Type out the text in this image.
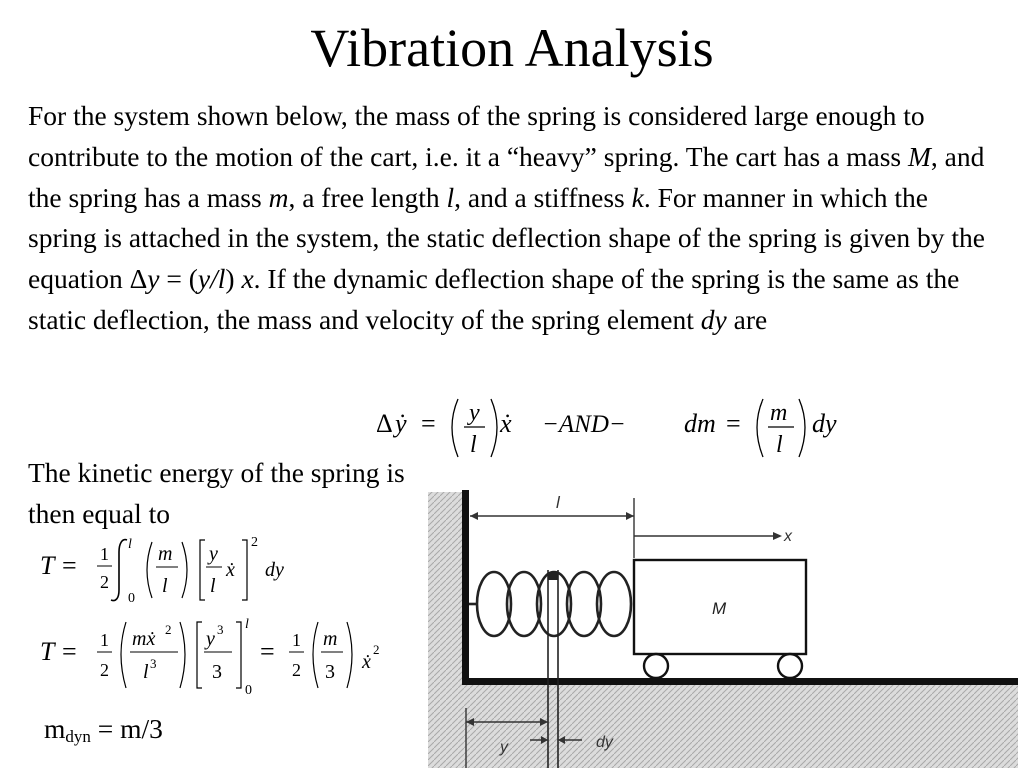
Vibration Analysis
For the system shown below, the mass of the spring is considered large enough to contribute to the motion of the cart, i.e. it a “heavy” spring. The cart has a mass M, and the spring has a mass m, a free length l, and a stiffness k. For manner in which the spring is attached in the system, the static deflection shape of the spring is given by the equation Δy = (y/l) x. If the dynamic deflection shape of the spring is the same as the static deflection, the mass and velocity of the spring element dy are
The kinetic energy of the spring is then equal to
$m_{dyn} = m/3$
Δ ẏ = y
l
ẋ −AND− dm = m
l
dy
T = 1
2
l
0
m
l
y
l
ẋ
2
dy
T = 1
2
mẋ 2
l 3
y 3
3
l
0
= 1
2
m
3 ẋ
2
l
x
M
y	dy
